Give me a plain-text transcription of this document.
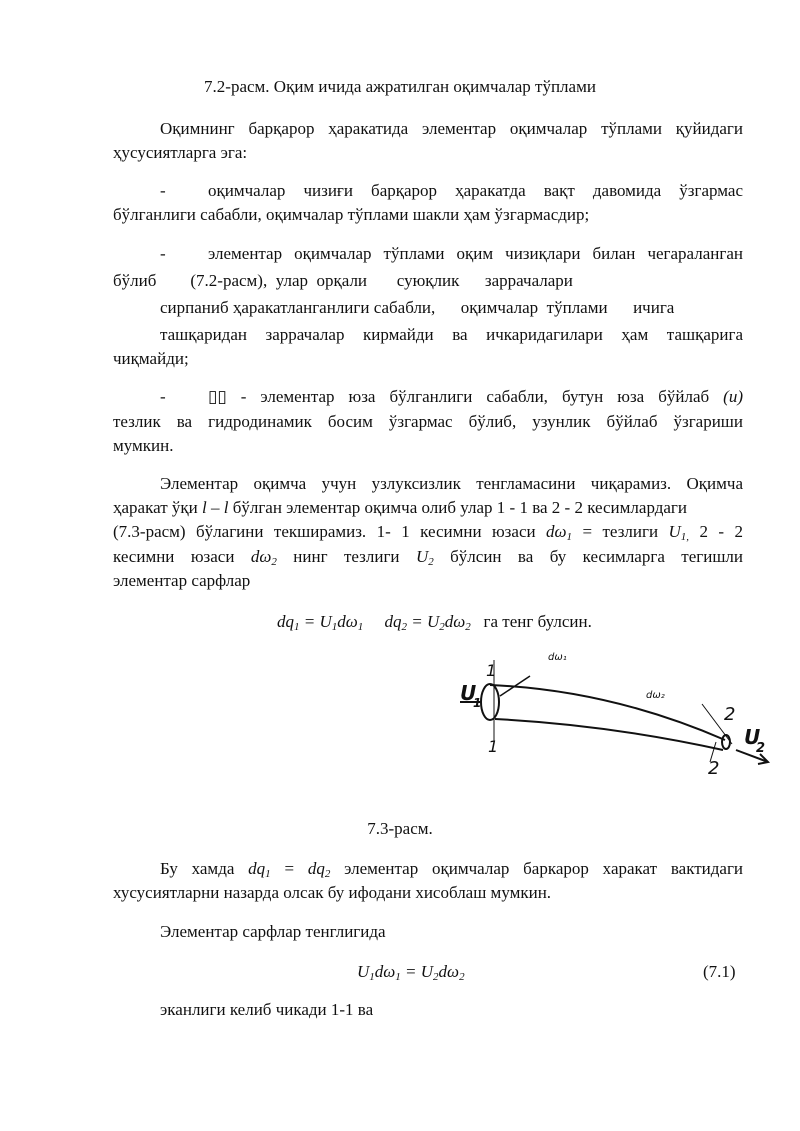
7.2-расм. Оқим ичида ажратилган оқимчалар тўплами
Оқимнинг барқарор ҳаракатида элементар оқимчалар тўплами қуйидаги
ҳусусиятларга эга:
- оқимчалар чизиғи барқарор ҳаракатда вақт давомида ўзгармас
бўлганлиги сабабли, оқимчалар тўплами шакли ҳам ўзгармасдир;
- элементар оқимчалар тўплами оқим чизиқлари билан чегараланган
бўлиб        (7.2-расм),  улар  орқали       суюқлик      заррачалари
сирпаниб ҳаракатланганлиги сабабли,      оқимчалар  тўплами      ичига
ташқаридан заррачалар кирмайди ва ичкаридагилари ҳам ташқарига
чиқмайди;
- ▯▯ - элементар юза бўлганлиги сабабли, бутун юза бўйлаб (u)
тезлик ва гидродинамик босим ўзгармас бўлиб, узунлик бўйлаб ўзгариши
мумкин.
Элементар оқимча учун узлуксизлик тенгламасини чиқарамиз. Оқимча
ҳаракат ўқи l – l бўлган элементар оқимча олиб улар 1 - 1 ва 2 - 2 кесимлардаги
(7.3-расм) бўлагини текширамиз. 1- 1 кесимни юзаси $d\omega_1$ = тезлиги $U_{1,}$ 2 - 2
кесимни юзаси $d\omega_2$ нинг тезлиги $U_2$ бўлсин ва бу кесимларга тегишли
элементар сарфлар
$dq_1 = U_1d\omega_1$ $dq_2 = U_2d\omega_2$ га тенг булсин.
U
1
1
1
dω₁
dω₂
2
2
U
2
7.3-расм.
Бу хамда $dq_1 = dq_2$ элементар оқимчалар баркарор харакат вактидаги
хусусиятларни назарда олсак бу ифодани хисоблаш мумкин.
Элементар сарфлар тенглигида
$U_1d\omega_1 = U_2d\omega_2$	(7.1)
эканлиги келиб чикади 1-1 ва
